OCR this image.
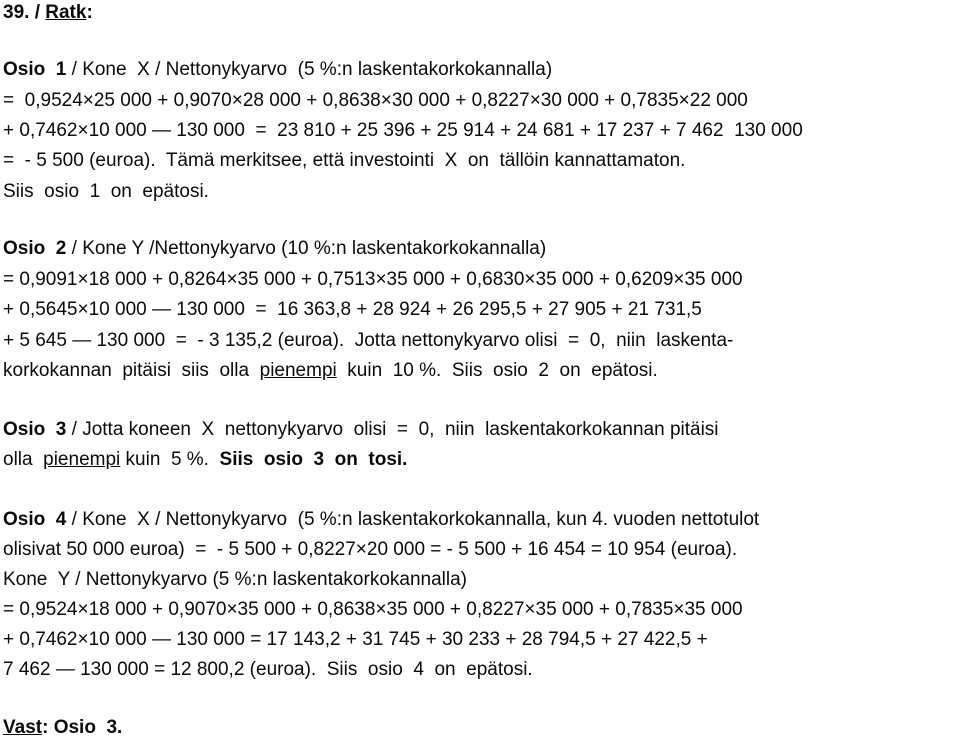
39. / Ratk:
Osio  1 / Kone  X / Nettonykyarvo  (5 %:n laskentakorkokannalla)
=  0,9524×25 000 + 0,9070×28 000 + 0,8638×30 000 + 0,8227×30 000 + 0,7835×22 000
+ 0,7462×10 000 — 130 000  =  23 810 + 25 396 + 25 914 + 24 681 + 17 237 + 7 462  130 000
=  - 5 500 (euroa).  Tämä merkitsee, että investointi  X  on  tällöin kannattamaton.
Siis  osio  1  on  epätosi.
Osio  2 / Kone Y /Nettonykyarvo (10 %:n laskentakorkokannalla)
= 0,9091×18 000 + 0,8264×35 000 + 0,7513×35 000 + 0,6830×35 000 + 0,6209×35 000
+ 0,5645×10 000 — 130 000  =  16 363,8 + 28 924 + 26 295,5 + 27 905 + 21 731,5
+ 5 645 — 130 000  =  - 3 135,2 (euroa).  Jotta nettonykyarvo olisi  =  0,  niin  laskenta-
korkokannan  pitäisi  siis  olla  pienempi  kuin  10 %.  Siis  osio  2  on  epätosi.
Osio  3 / Jotta koneen  X  nettonykyarvo  olisi  =  0,  niin  laskentakorkokannan pitäisi
olla  pienempi kuin  5 %.  Siis  osio  3  on  tosi.
Osio  4 / Kone  X / Nettonykyarvo  (5 %:n laskentakorkokannalla, kun 4. vuoden nettotulot
olisivat 50 000 euroa)  =  - 5 500 + 0,8227×20 000 = - 5 500 + 16 454 = 10 954 (euroa).
Kone  Y / Nettonykyarvo (5 %:n laskentakorkokannalla)
= 0,9524×18 000 + 0,9070×35 000 + 0,8638×35 000 + 0,8227×35 000 + 0,7835×35 000
+ 0,7462×10 000 — 130 000 = 17 143,2 + 31 745 + 30 233 + 28 794,5 + 27 422,5 +
7 462 — 130 000 = 12 800,2 (euroa).  Siis  osio  4  on  epätosi.
Vast: Osio  3.
